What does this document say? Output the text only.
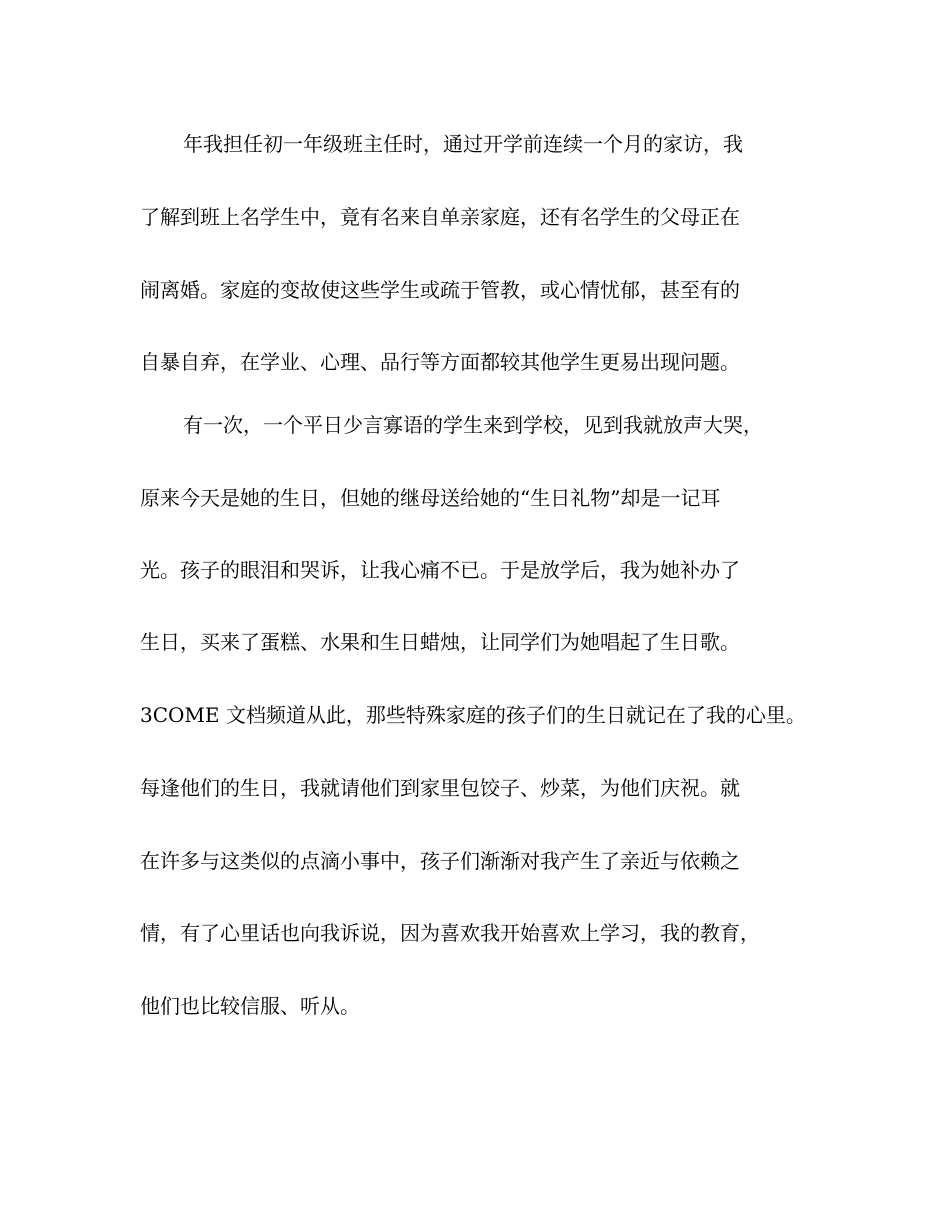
年我担任初一年级班主任时，通过开学前连续一个月的家访，我

了解到班上名学生中，竟有名来自单亲家庭，还有名学生的父母正在

闹离婚。家庭的变故使这些学生或疏于管教，或心情忧郁，甚至有的

自暴自弃，在学业、心理、品行等方面都较其他学生更易出现问题。

有一次，一个平日少言寡语的学生来到学校，见到我就放声大哭，

原来今天是她的生日，但她的继母送给她的“生日礼物”却是一记耳

光。孩子的眼泪和哭诉，让我心痛不已。于是放学后，我为她补办了

生日，买来了蛋糕、水果和生日蜡烛，让同学们为她唱起了生日歌。

3COME 文档频道从此，那些特殊家庭的孩子们的生日就记在了我的心里。

每逢他们的生日，我就请他们到家里包饺子、炒菜，为他们庆祝。就

在许多与这类似的点滴小事中，孩子们渐渐对我产生了亲近与依赖之

情，有了心里话也向我诉说，因为喜欢我开始喜欢上学习，我的教育，

他们也比较信服、听从。
